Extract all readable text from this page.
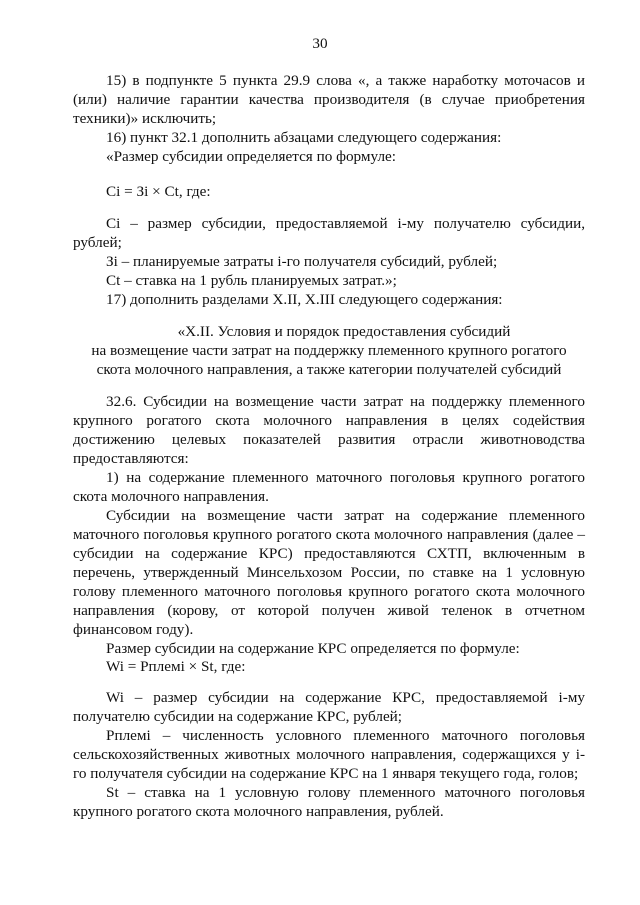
30

15) в подпункте 5 пункта 29.9 слова «, а также наработку моточасов и (или) наличие гарантии качества производителя (в случае приобретения техники)» исключить;

16) пункт 32.1 дополнить абзацами следующего содержания:

«Размер субсидии определяется по формуле:

Ci = Зi × Ct, где:

Ci – размер субсидии, предоставляемой i-му получателю субсидии, рублей;

Зi – планируемые затраты i-го получателя субсидий, рублей;

Ct – ставка на 1 рубль планируемых затрат.»;

17) дополнить разделами X.II, X.III следующего содержания:

«X.II. Условия и порядок предоставления субсидий
на возмещение части затрат на поддержку племенного крупного рогатого
скота молочного направления, а также категории получателей субсидий

32.6. Субсидии на возмещение части затрат на поддержку племенного крупного рогатого скота молочного направления в целях содействия достижению целевых показателей развития отрасли животноводства предоставляются:

1) на содержание племенного маточного поголовья крупного рогатого скота молочного направления.

Субсидии на возмещение части затрат на содержание племенного маточного поголовья крупного рогатого скота молочного направления (далее – субсидии на содержание КРС) предоставляются СХТП, включенным в перечень, утвержденный Минсельхозом России, по ставке на 1 условную голову племенного маточного поголовья крупного рогатого скота молочного направления (корову, от которой получен живой теленок в отчетном финансовом году).

Размер субсидии на содержание КРС определяется по формуле:

Wi = Рплемi × St, где:

Wi – размер субсидии на содержание КРС, предоставляемой i-му получателю субсидии на содержание КРС, рублей;

Рплемi – численность условного племенного маточного поголовья сельскохозяйственных животных молочного направления, содержащихся у i-го получателя субсидии на содержание КРС на 1 января текущего года, голов;

St – ставка на 1 условную голову племенного маточного поголовья крупного рогатого скота молочного направления, рублей.
